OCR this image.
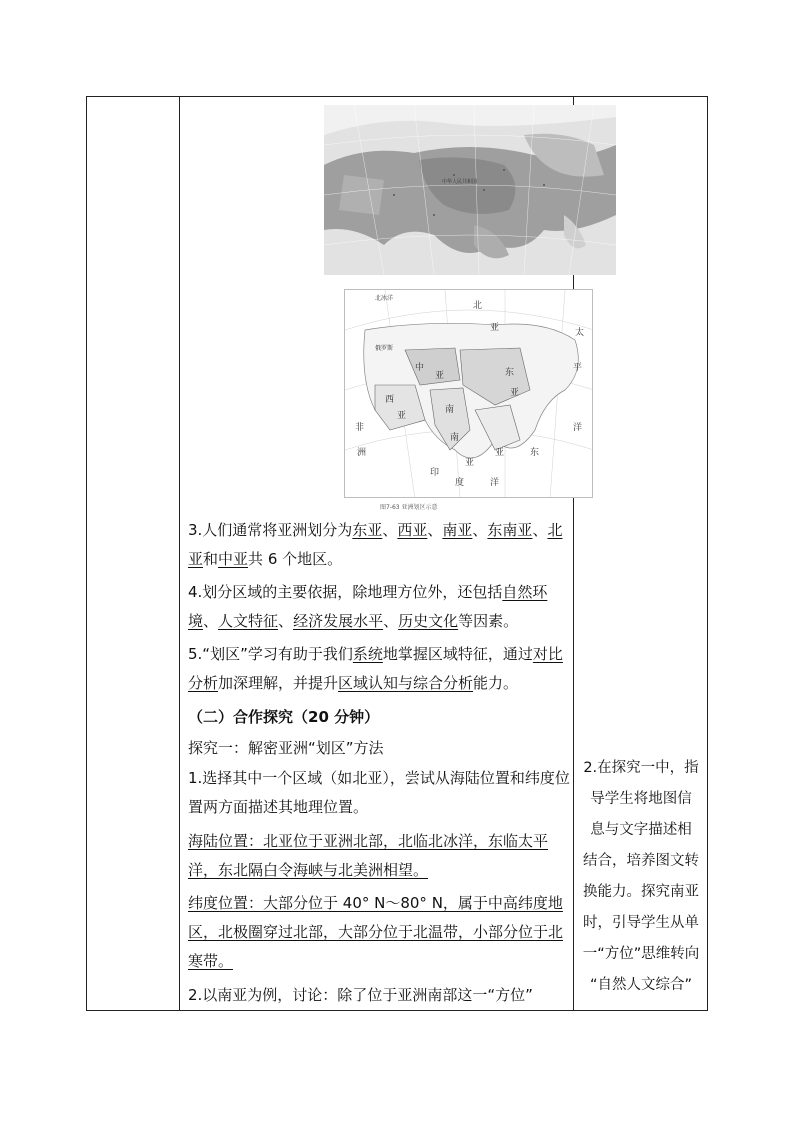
中华人民共和国
北冰洋
北
亚	太
俄罗斯
中
亚	东
亚
平
西
亚
南
东
洋
非
亚
南
亚
印
度	洋
洲
图7-63 亚洲划区示意
3.人们通常将亚洲划分为东亚、西亚、南亚、东南亚、北亚和中亚共 6 个地区。
4.划分区域的主要依据，除地理方位外，还包括自然环境、人文特征、经济发展水平、历史文化等因素。
5.“划区”学习有助于我们系统地掌握区域特征，通过对比分析加深理解，并提升区域认知与综合分析能力。
（二）合作探究（20 分钟）
探究一：解密亚洲“划区”方法
1.选择其中一个区域（如北亚），尝试从海陆位置和纬度位置两方面描述其地理位置。
海陆位置：北亚位于亚洲北部，北临北冰洋，东临太平洋，东北隔白令海峡与北美洲相望。
纬度位置：大部分位于 40° N～80° N，属于中高纬度地区，北极圈穿过北部，大部分位于北温带，小部分位于北寒带。
2.以南亚为例，讨论：除了位于亚洲南部这一“方位”

2.在探究一中，指

导学生将地图信

息与文字描述相

结合，培养图文转

换能力。探究南亚

时，引导学生从单

一“方位”思维转向

“自然人文综合”
